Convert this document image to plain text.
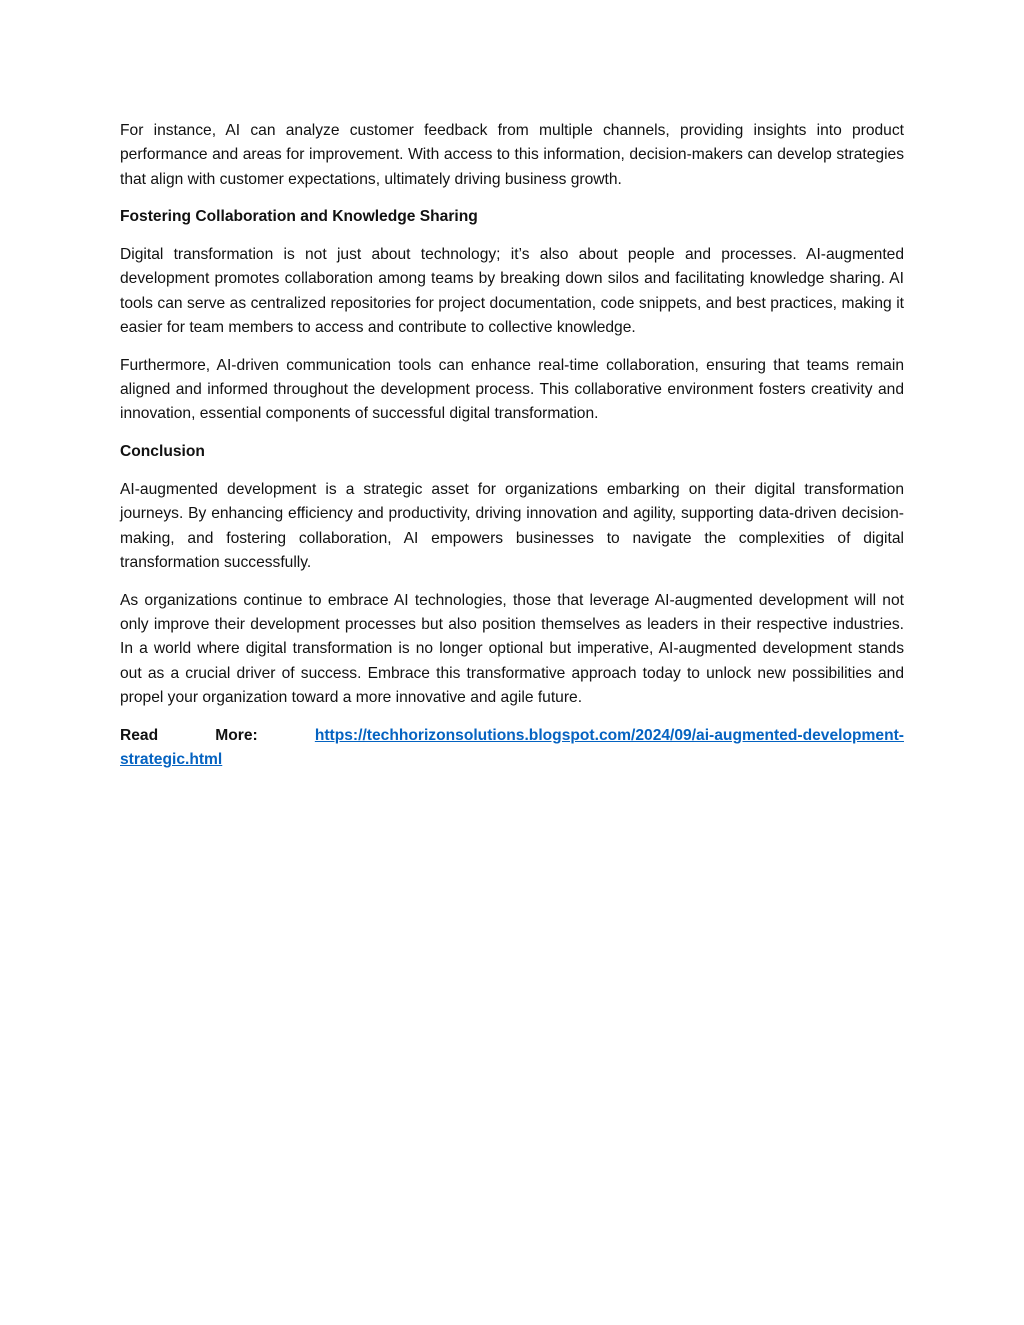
For instance, AI can analyze customer feedback from multiple channels, providing insights into product performance and areas for improvement. With access to this information, decision-makers can develop strategies that align with customer expectations, ultimately driving business growth.

Fostering Collaboration and Knowledge Sharing

Digital transformation is not just about technology; it’s also about people and processes. AI-augmented development promotes collaboration among teams by breaking down silos and facilitating knowledge sharing. AI tools can serve as centralized repositories for project documentation, code snippets, and best practices, making it easier for team members to access and contribute to collective knowledge.

Furthermore, AI-driven communication tools can enhance real-time collaboration, ensuring that teams remain aligned and informed throughout the development process. This collaborative environment fosters creativity and innovation, essential components of successful digital transformation.

Conclusion

AI-augmented development is a strategic asset for organizations embarking on their digital transformation journeys. By enhancing efficiency and productivity, driving innovation and agility, supporting data-driven decision-making, and fostering collaboration, AI empowers businesses to navigate the complexities of digital transformation successfully.

As organizations continue to embrace AI technologies, those that leverage AI-augmented development will not only improve their development processes but also position themselves as leaders in their respective industries. In a world where digital transformation is no longer optional but imperative, AI-augmented development stands out as a crucial driver of success. Embrace this transformative approach today to unlock new possibilities and propel your organization toward a more innovative and agile future.

Read More:	https://techhorizonsolutions.blogspot.com/2024/09/ai-augmented-development-strategic.html
